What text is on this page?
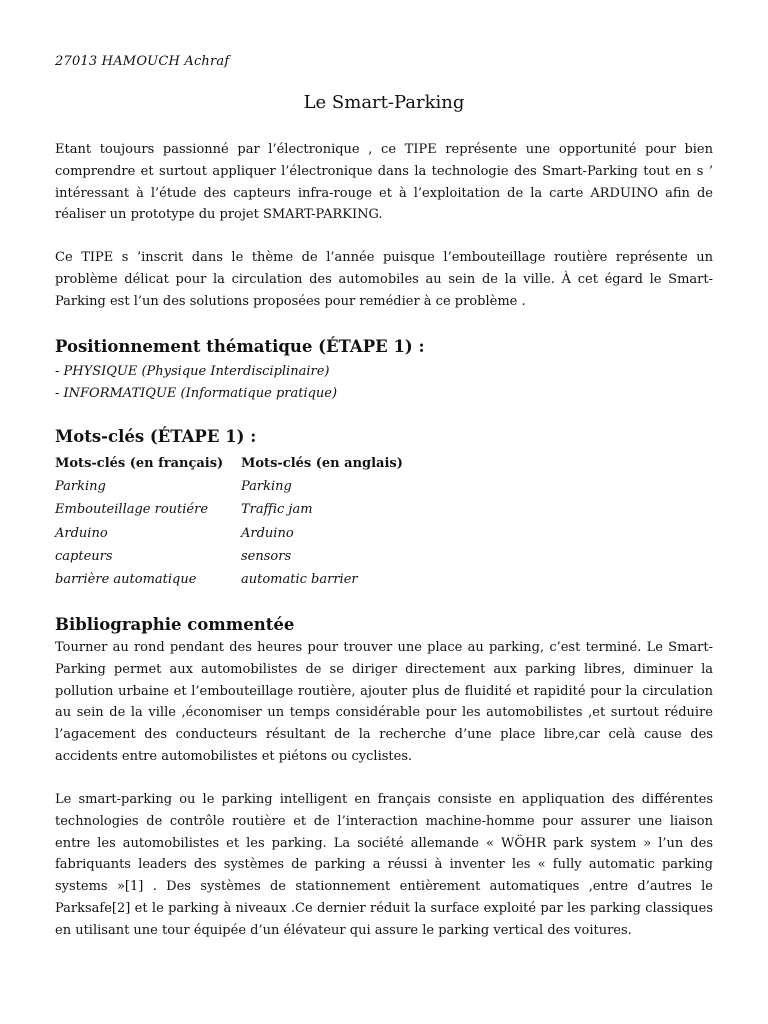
27013 HAMOUCH Achraf
Le Smart-Parking

Etant toujours passionné par l’électronique , ce TIPE représente une opportunité pour bien comprendre et surtout appliquer l’électronique dans la technologie des Smart-Parking tout en s ’ intéressant à l’étude des capteurs infra-rouge et à l’exploitation de la carte ARDUINO afin de réaliser un prototype du projet SMART-PARKING.

Ce TIPE s ’inscrit dans le thème de l’année puisque l’embouteillage routière représente un problème délicat pour la circulation des automobiles au sein de la ville. À cet égard le Smart-Parking est l’un des solutions proposées pour remédier à ce problème .

Positionnement thématique (ÉTAPE 1) :
- PHYSIQUE (Physique Interdisciplinaire)
- INFORMATIQUE (Informatique pratique)
Mots-clés (ÉTAPE 1) :
Mots-clés (en français)	Mots-clés (en anglais)
Parking	Parking
Embouteillage routiére	Traffic jam
Arduino	Arduino
capteurs	sensors
barrière automatique	automatic barrier
Bibliographie commentée

Tourner au rond pendant des heures pour trouver une place au parking, c’est terminé. Le Smart-Parking permet aux automobilistes de se diriger directement aux parking libres, diminuer la pollution urbaine et l’embouteillage routière, ajouter plus de fluidité et rapidité pour la circulation au sein de la ville ,économiser un temps considérable pour les automobilistes ,et surtout réduire l’agacement des conducteurs résultant de la recherche d’une place libre,car celà cause des accidents entre automobilistes et piétons ou cyclistes.

Le smart-parking ou le parking intelligent en français consiste en appliquation des différentes technologies de contrôle routière et de l’interaction machine-homme pour assurer une liaison entre les automobilistes et les parking. La société allemande « WÖHR park system » l’un des fabriquants leaders des systèmes de parking a réussi à inventer les « fully automatic parking systems »[1] . Des systèmes de stationnement entièrement automatiques ,entre d’autres le Parksafe[2] et le parking à niveaux .Ce dernier réduit la surface exploité par les parking classiques en utilisant une tour équipée d’un élévateur qui assure le parking vertical des voitures.
